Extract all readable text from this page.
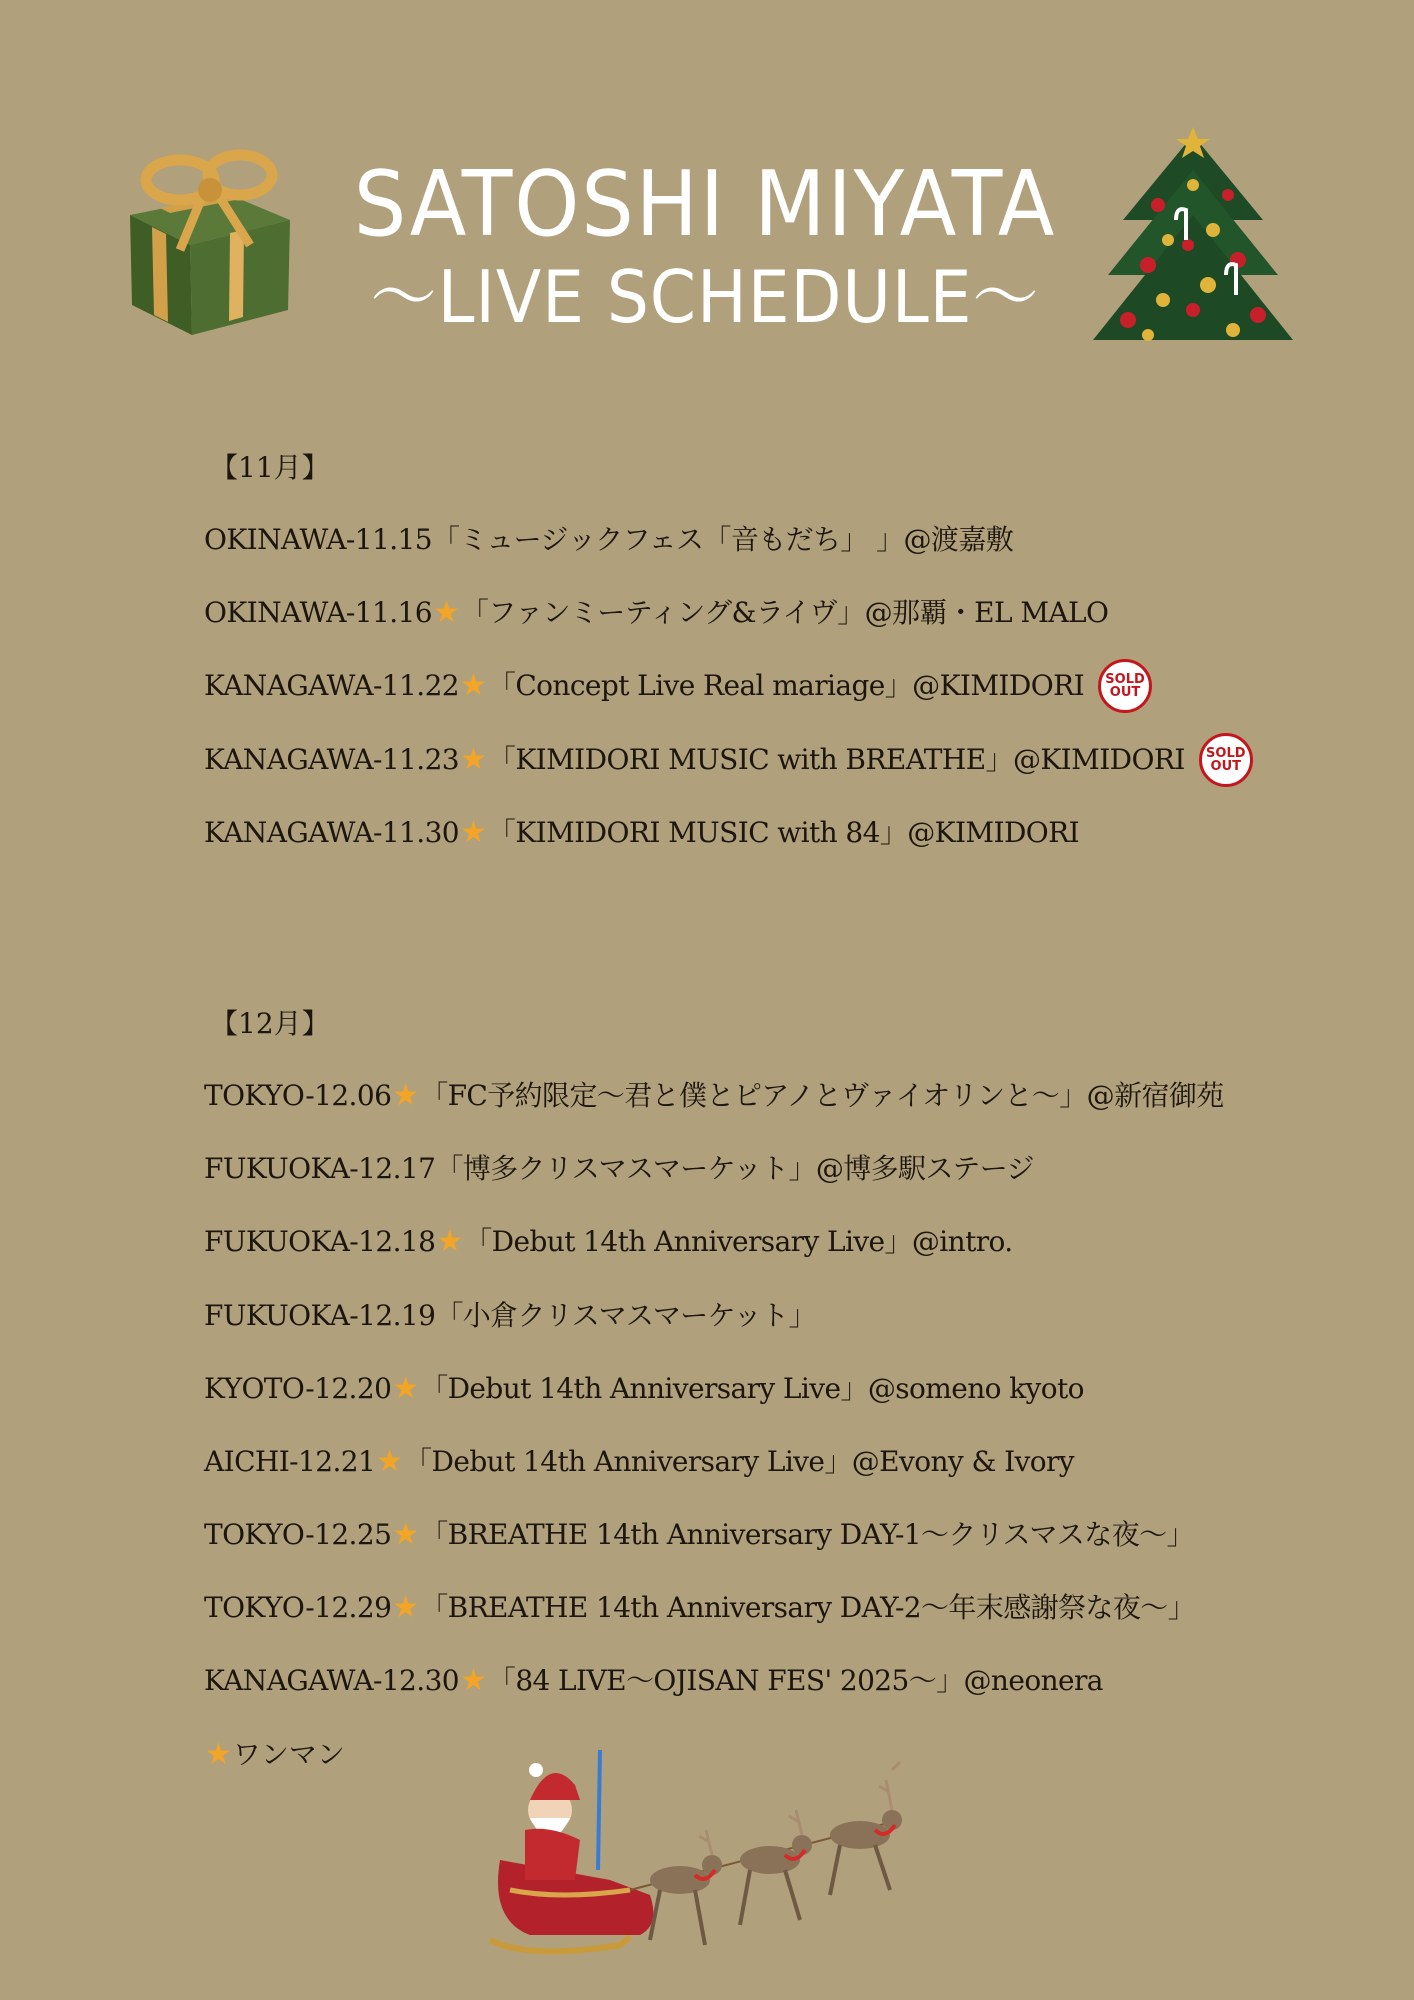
SATOSHI MIYATA
〜LIVE SCHEDULE〜
【11月】
OKINAWA-11.15 「ミュージックフェス「音もだち」 」@渡嘉敷
OKINAWA-11.16 ★ 「ファンミーティング&ライヴ」@那覇・EL MALO
KANAGAWA-11.22 ★ 「Concept Live Real mariage」@KIMIDORI SOLD
OUT
KANAGAWA-11.23 ★ 「KIMIDORI MUSIC with BREATHE」@KIMIDORI SOLD
OUT
KANAGAWA-11.30 ★ 「KIMIDORI MUSIC with 84」@KIMIDORI
【12月】
TOKYO-12.06 ★ 「FC予約限定〜君と僕とピアノとヴァイオリンと〜」@新宿御苑
FUKUOKA-12.17 「博多クリスマスマーケット」@博多駅ステージ
FUKUOKA-12.18 ★ 「Debut 14th Anniversary Live」@intro.
FUKUOKA-12.19 「小倉クリスマスマーケット」
KYOTO-12.20 ★ 「Debut 14th Anniversary Live」@someno kyoto
AICHI-12.21 ★ 「Debut 14th Anniversary Live」@Evony & Ivory
TOKYO-12.25 ★ 「BREATHE 14th Anniversary DAY-1〜クリスマスな夜〜」
TOKYO-12.29 ★ 「BREATHE 14th Anniversary DAY-2〜年末感謝祭な夜〜」
KANAGAWA-12.30 ★ 「84 LIVE〜OJISAN FES' 2025〜」@neonera
★ ワンマン
